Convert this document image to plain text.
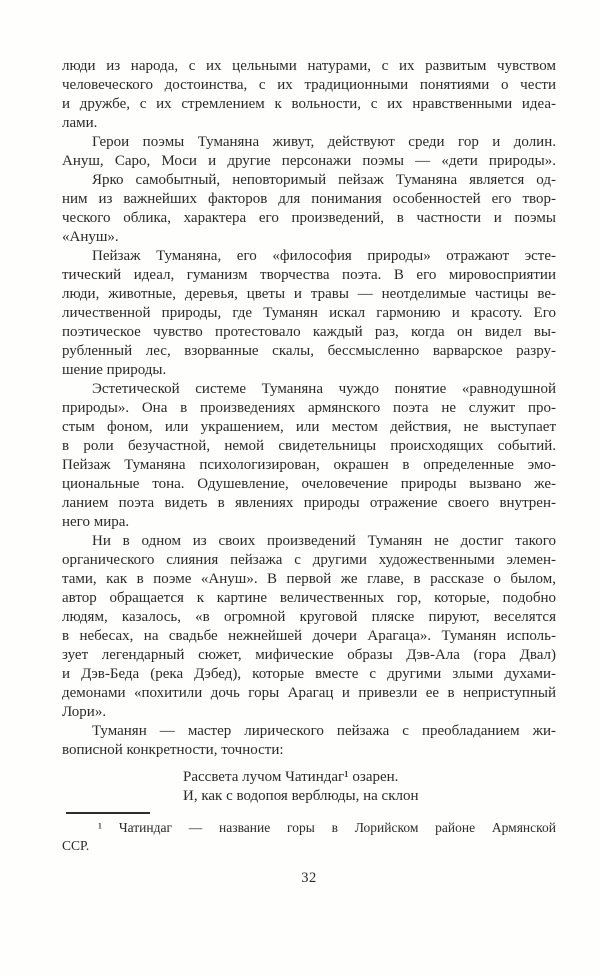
люди из народа, с их цельными натурами, с их развитым чувством
человеческого достоинства, с их традиционными понятиями о чести
и дружбе, с их стремлением к вольности, с их нравственными идеа-
лами.
Герои поэмы Туманяна живут, действуют среди гор и долин.
Ануш, Саро, Моси и другие персонажи поэмы — «дети природы».
Ярко самобытный, неповторимый пейзаж Туманяна является од-
ним из важнейших факторов для понимания особенностей его твор-
ческого облика, характера его произведений, в частности и поэмы
«Ануш».
Пейзаж Туманяна, его «философия природы» отражают эсте-
тический идеал, гуманизм творчества поэта. В его мировосприятии
люди, животные, деревья, цветы и травы — неотделимые частицы ве-
личественной природы, где Туманян искал гармонию и красоту. Его
поэтическое чувство протестовало каждый раз, когда он видел вы-
рубленный лес, взорванные скалы, бессмысленно варварское разру-
шение природы.
Эстетической системе Туманяна чуждо понятие «равнодушной
природы». Она в произведениях армянского поэта не служит про-
стым фоном, или украшением, или местом действия, не выступает
в роли безучастной, немой свидетельницы происходящих событий.
Пейзаж Туманяна психологизирован, окрашен в определенные эмо-
циональные тона. Одушевление, очеловечение природы вызвано же-
ланием поэта видеть в явлениях природы отражение своего внутрен-
него мира.
Ни в одном из своих произведений Туманян не достиг такого
органического слияния пейзажа с другими художественными элемен-
тами, как в поэме «Ануш». В первой же главе, в рассказе о былом,
автор обращается к картине величественных гор, которые, подобно
людям, казалось, «в огромной круговой пляске пируют, веселятся
в небесах, на свадьбе нежнейшей дочери Арагаца». Туманян исполь-
зует легендарный сюжет, мифические образы Дэв-Ала (гора Двал)
и Дэв-Беда (река Дэбед), которые вместе с другими злыми духами-
демонами «похитили дочь горы Арагац и привезли ее в неприступный
Лори».
Туманян — мастер лирического пейзажа с преобладанием жи-
вописной конкретности, точности:
Рассвета лучом Чатиндаг¹ озарен.
И, как с водопоя верблюды, на склон
¹ Чатиндаг — название горы в Лорийском районе Армянской
ССР.
32
